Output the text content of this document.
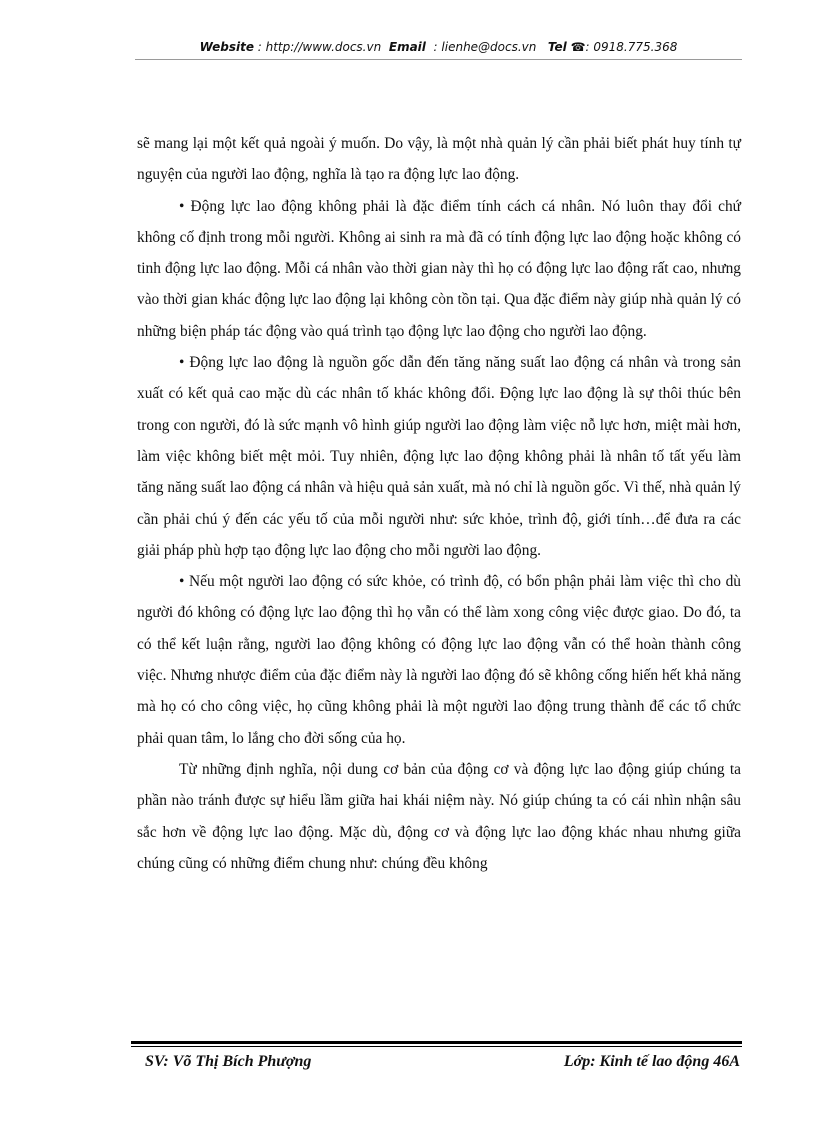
Website : http://www.docs.vn Email  : lienhe@docs.vn Tel ☎: 0918.775.368

sẽ mang lại một kết quả ngoài ý muốn. Do vậy, là một nhà quản lý cần phải biết phát huy tính tự nguyện của người lao động, nghĩa là tạo ra động lực lao động.

• Động lực lao động không phải là đặc điểm tính cách cá nhân. Nó luôn thay đổi chứ không cố định trong mỗi người. Không ai sinh ra mà đã có tính động lực lao động hoặc không có tinh động lực lao động. Mỗi cá nhân vào thời gian này thì họ có động lực lao động rất cao, nhưng vào thời gian khác động lực lao động lại không còn tồn tại. Qua đặc điểm này giúp nhà quản lý có những biện pháp tác động vào quá trình tạo động lực lao động cho người lao động.

• Động lực lao động là nguồn gốc dẫn đến tăng năng suất lao động cá nhân và trong sản xuất có kết quả cao mặc dù các nhân tố khác không đổi. Động lực lao động là sự thôi thúc bên trong con người, đó là sức mạnh vô hình giúp người lao động làm việc nỗ lực hơn, miệt mài hơn, làm việc không biết mệt mỏi. Tuy nhiên, động lực lao động không phải là nhân tố tất yếu làm tăng năng suất lao động cá nhân và hiệu quả sản xuất, mà nó chỉ là nguồn gốc. Vì thế, nhà quản lý cần phải chú ý đến các yếu tố của mỗi người như: sức khỏe, trình độ, giới tính…để đưa ra các giải pháp phù hợp tạo động lực lao động cho mỗi người lao động.

• Nếu một người lao động có sức khỏe, có trình độ, có bổn phận phải làm việc thì cho dù người đó không có động lực lao động thì họ vẫn có thể làm xong công việc được giao. Do đó, ta có thể kết luận rằng, người lao động không có động lực lao động vẫn có thể hoàn thành công việc. Nhưng nhược điểm của đặc điểm này là người lao động đó sẽ không cống hiến hết khả năng mà họ có cho công việc, họ cũng không phải là một người lao động trung thành để các tổ chức phải quan tâm, lo lắng cho đời sống của họ.

Từ những định nghĩa, nội dung cơ bản của động cơ và động lực lao động giúp chúng ta phần nào tránh được sự hiểu lầm giữa hai khái niệm này. Nó giúp chúng ta có cái nhìn nhận sâu sắc hơn về động lực lao động. Mặc dù, động cơ và động lực lao động khác nhau nhưng giữa chúng cũng có những điểm chung như: chúng đều không

SV: Võ Thị Bích Phượng	Lớp: Kinh tế lao động 46A
